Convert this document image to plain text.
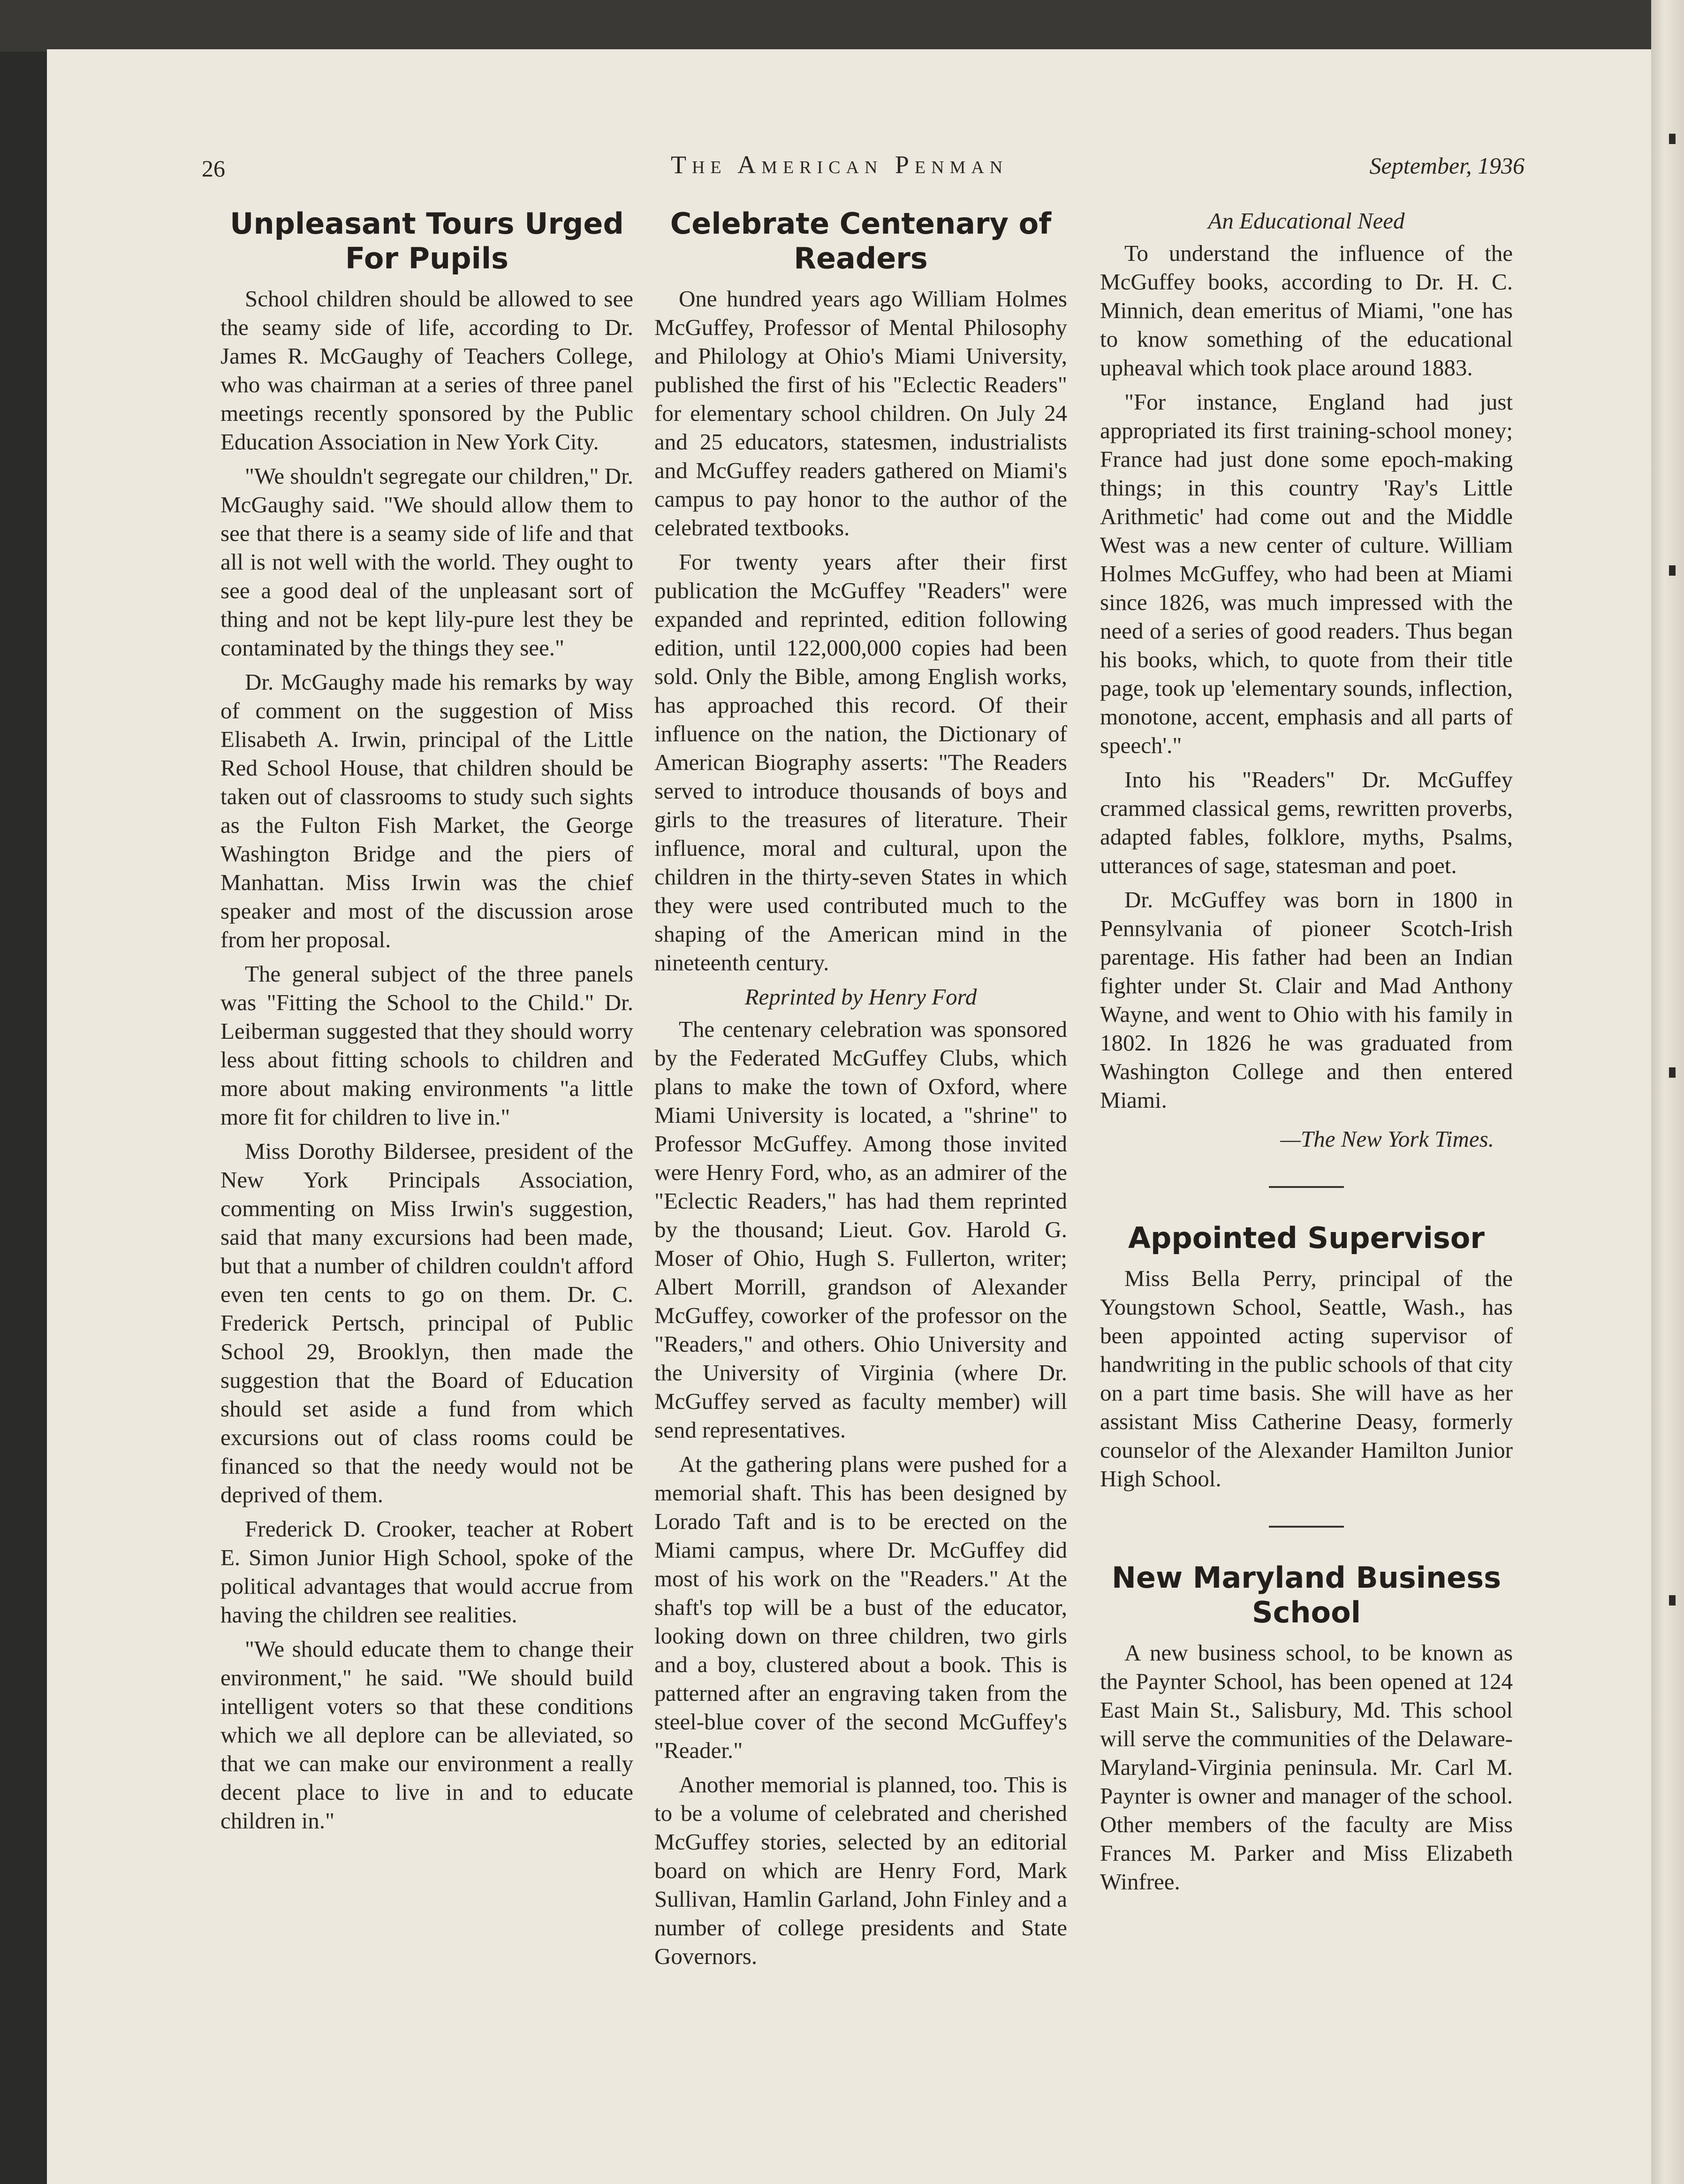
26	The American Penman	September, 1936
Unpleasant Tours Urged For Pupils

School children should be allowed to see the seamy side of life, according to Dr. James R. McGaughy of Teachers College, who was chairman at a series of three panel meetings recently sponsored by the Public Education Association in New York City.

"We shouldn't segregate our children," Dr. McGaughy said. "We should allow them to see that there is a seamy side of life and that all is not well with the world. They ought to see a good deal of the unpleasant sort of thing and not be kept lily-pure lest they be contaminated by the things they see."

Dr. McGaughy made his remarks by way of comment on the suggestion of Miss Elisabeth A. Irwin, principal of the Little Red School House, that children should be taken out of classrooms to study such sights as the Fulton Fish Market, the George Washington Bridge and the piers of Manhattan. Miss Irwin was the chief speaker and most of the discussion arose from her proposal.

The general subject of the three panels was "Fitting the School to the Child." Dr. Leiberman suggested that they should worry less about fitting schools to children and more about making environments "a little more fit for children to live in."

Miss Dorothy Bildersee, president of the New York Principals Association, commenting on Miss Irwin's suggestion, said that many excursions had been made, but that a number of children couldn't afford even ten cents to go on them. Dr. C. Frederick Pertsch, principal of Public School 29, Brooklyn, then made the suggestion that the Board of Education should set aside a fund from which excursions out of class rooms could be financed so that the needy would not be deprived of them.

Frederick D. Crooker, teacher at Robert E. Simon Junior High School, spoke of the political advantages that would accrue from having the children see realities.

"We should educate them to change their environment," he said. "We should build intelligent voters so that these conditions which we all deplore can be alleviated, so that we can make our environment a really decent place to live in and to educate children in."

Celebrate Centenary of Readers

One hundred years ago William Holmes McGuffey, Professor of Mental Philosophy and Philology at Ohio's Miami University, published the first of his "Eclectic Readers" for elementary school children. On July 24 and 25 educators, statesmen, industrialists and McGuffey readers gathered on Miami's campus to pay honor to the author of the celebrated textbooks.

For twenty years after their first publication the McGuffey "Readers" were expanded and reprinted, edition following edition, until 122,000,000 copies had been sold. Only the Bible, among English works, has approached this record. Of their influence on the nation, the Dictionary of American Biography asserts: "The Readers served to introduce thousands of boys and girls to the treasures of literature. Their influence, moral and cultural, upon the children in the thirty-seven States in which they were used contributed much to the shaping of the American mind in the nineteenth century.

Reprinted by Henry Ford

The centenary celebration was sponsored by the Federated McGuffey Clubs, which plans to make the town of Oxford, where Miami University is located, a "shrine" to Professor McGuffey. Among those invited were Henry Ford, who, as an admirer of the "Eclectic Readers," has had them reprinted by the thousand; Lieut. Gov. Harold G. Moser of Ohio, Hugh S. Fullerton, writer; Albert Morrill, grandson of Alexander McGuffey, coworker of the professor on the "Readers," and others. Ohio University and the University of Virginia (where Dr. McGuffey served as faculty member) will send representatives.

At the gathering plans were pushed for a memorial shaft. This has been designed by Lorado Taft and is to be erected on the Miami campus, where Dr. McGuffey did most of his work on the "Readers." At the shaft's top will be a bust of the educator, looking down on three children, two girls and a boy, clustered about a book. This is patterned after an engraving taken from the steel-blue cover of the second McGuffey's "Reader."

Another memorial is planned, too. This is to be a volume of celebrated and cherished McGuffey stories, selected by an editorial board on which are Henry Ford, Mark Sullivan, Hamlin Garland, John Finley and a number of college presidents and State Governors.

An Educational Need

To understand the influence of the McGuffey books, according to Dr. H. C. Minnich, dean emeritus of Miami, "one has to know something of the educational upheaval which took place around 1883.

"For instance, England had just appropriated its first training-school money; France had just done some epoch-making things; in this country 'Ray's Little Arithmetic' had come out and the Middle West was a new center of culture. William Holmes McGuffey, who had been at Miami since 1826, was much impressed with the need of a series of good readers. Thus began his books, which, to quote from their title page, took up 'elementary sounds, inflection, monotone, accent, emphasis and all parts of speech'."

Into his "Readers" Dr. McGuffey crammed classical gems, rewritten proverbs, adapted fables, folklore, myths, Psalms, utterances of sage, statesman and poet.

Dr. McGuffey was born in 1800 in Pennsylvania of pioneer Scotch-Irish parentage. His father had been an Indian fighter under St. Clair and Mad Anthony Wayne, and went to Ohio with his family in 1802. In 1826 he was graduated from Washington College and then entered Miami.

—The New York Times.
Appointed Supervisor

Miss Bella Perry, principal of the Youngstown School, Seattle, Wash., has been appointed acting supervisor of handwriting in the public schools of that city on a part time basis. She will have as her assistant Miss Catherine Deasy, formerly counselor of the Alexander Hamilton Junior High School.

New Maryland Business School

A new business school, to be known as the Paynter School, has been opened at 124 East Main St., Salisbury, Md. This school will serve the communities of the Delaware-Maryland-Virginia peninsula. Mr. Carl M. Paynter is owner and manager of the school. Other members of the faculty are Miss Frances M. Parker and Miss Elizabeth Winfree.
